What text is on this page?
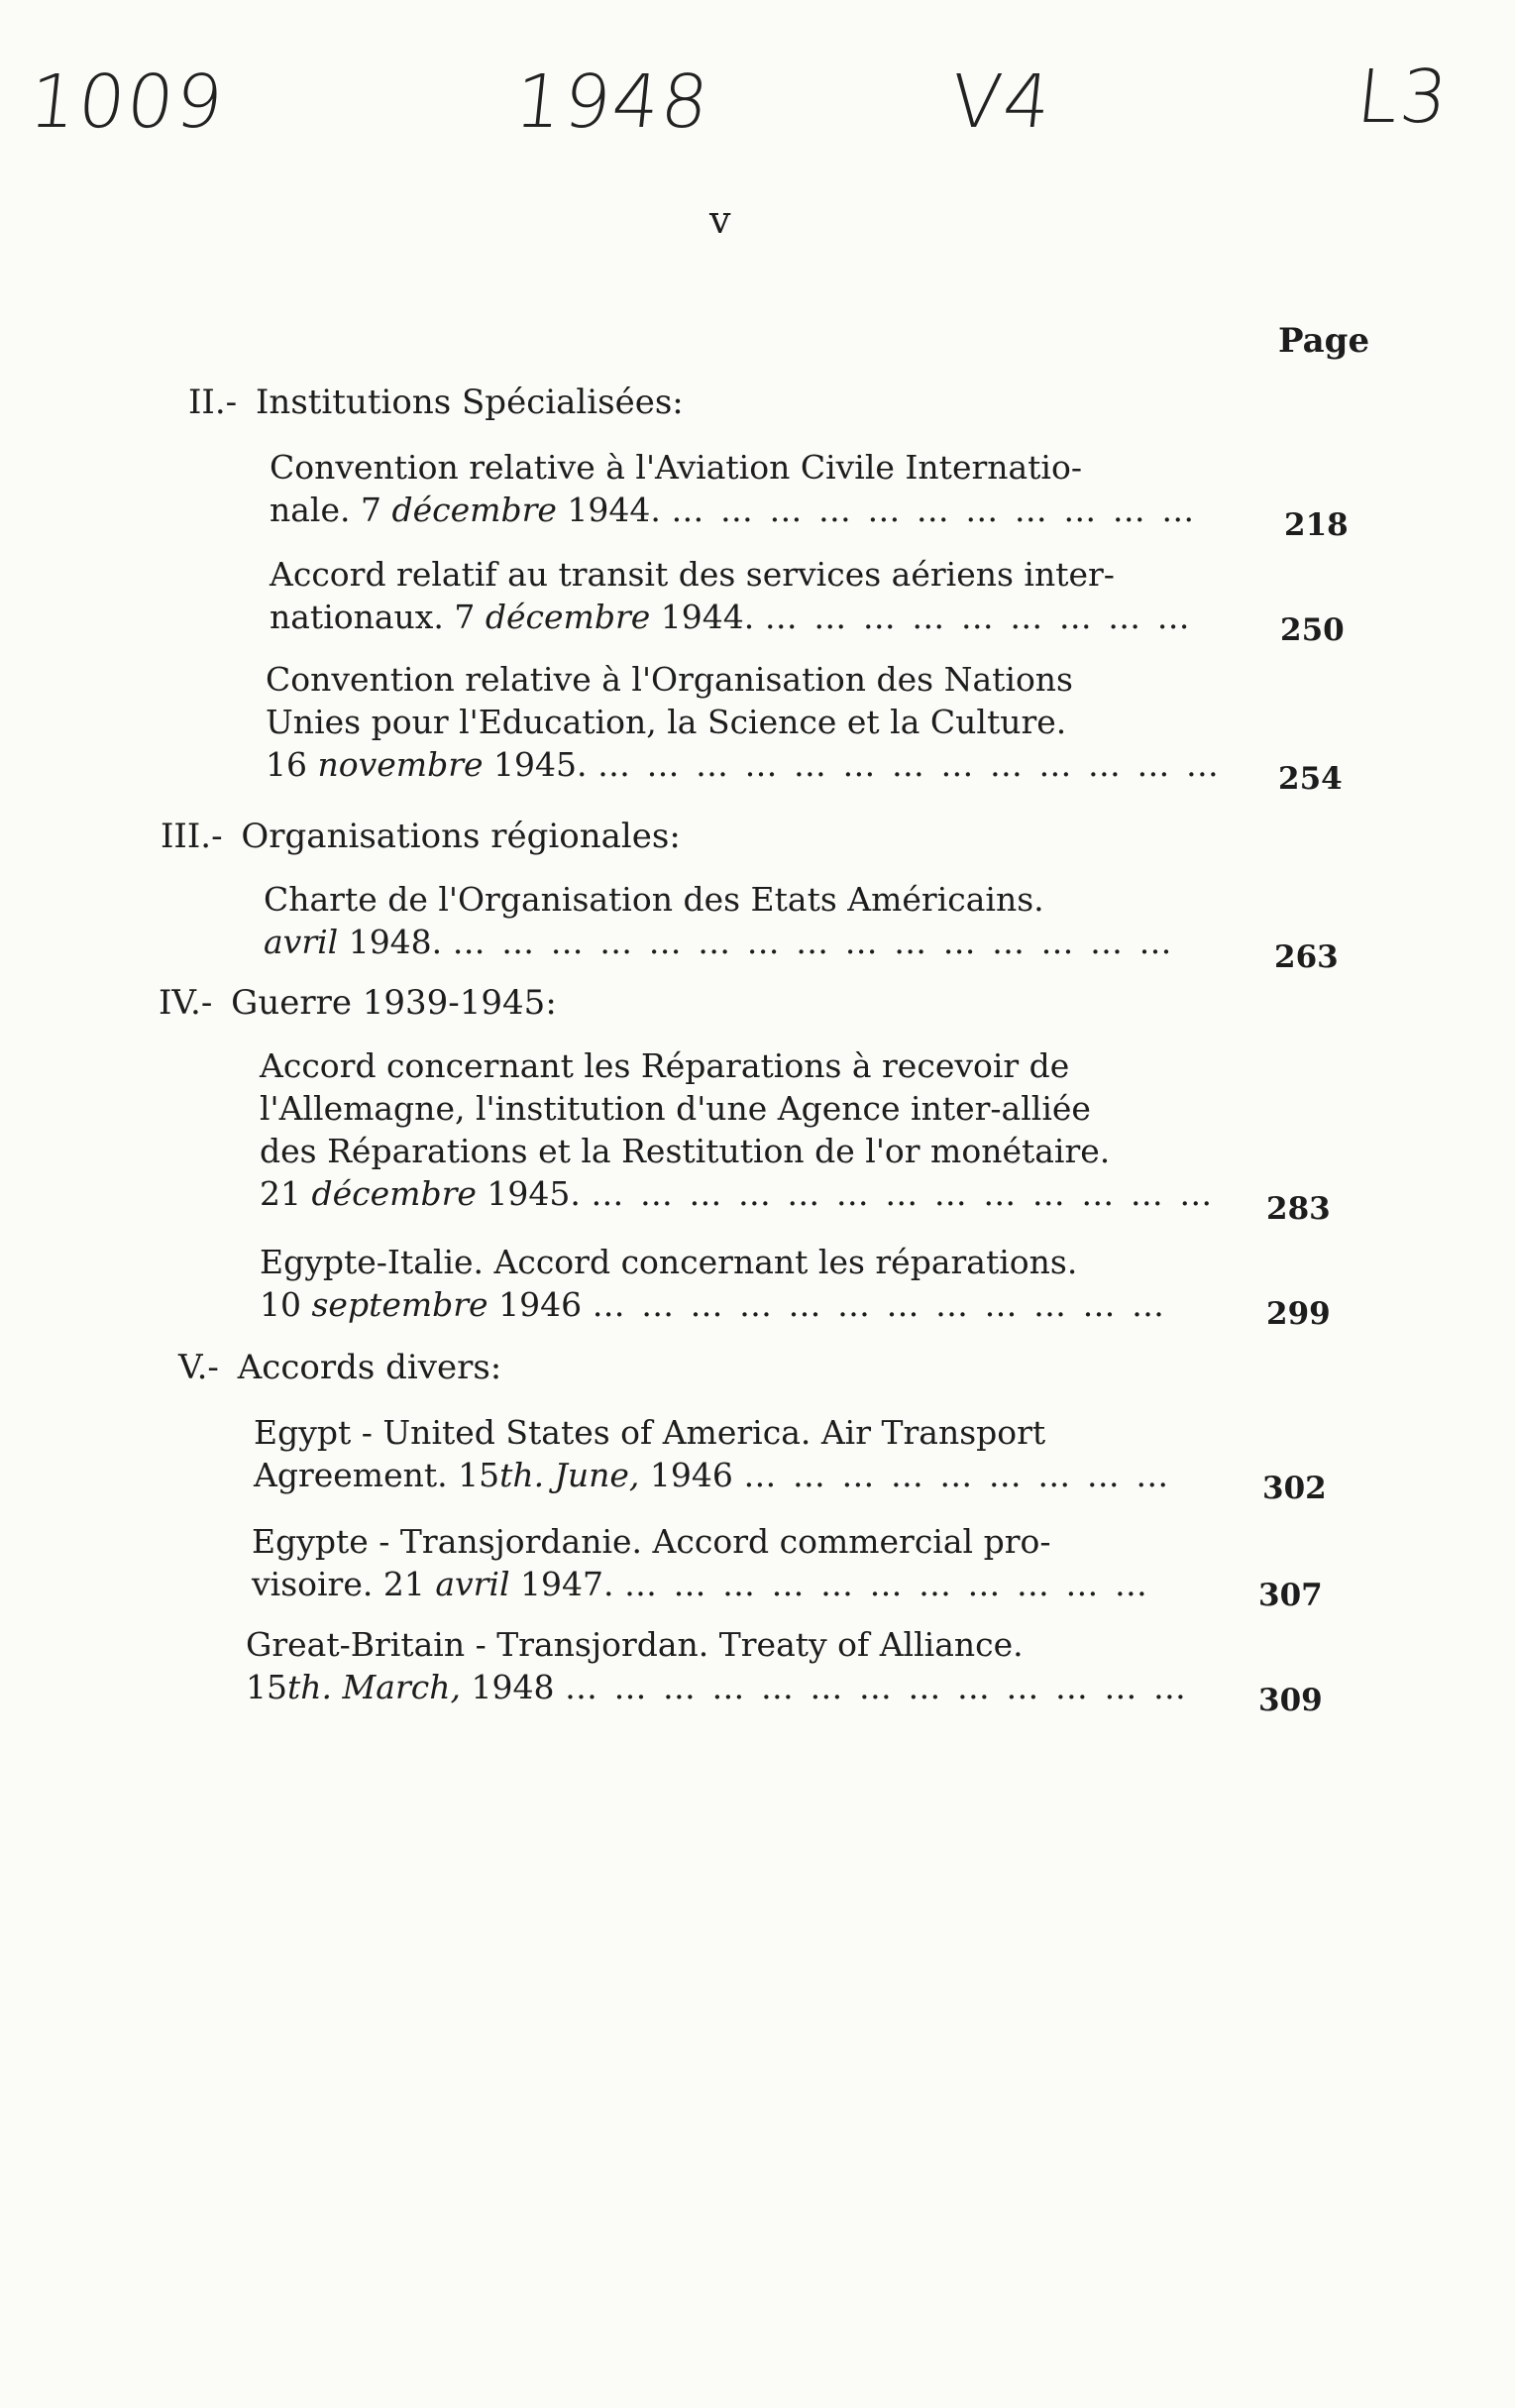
1009	1948	V4	L3
v
Page
II.- Institutions Spécialisées:
Convention relative à l'Aviation Civile Internatio-
nale. 7 décembre 1944. … … … … … … … … … … …	218
Accord relatif au transit des services aériens inter-
nationaux. 7 décembre 1944. … … … … … … … … …	250
Convention relative à l'Organisation des Nations
Unies pour l'Education, la Science et la Culture.
16 novembre 1945. … … … … … … … … … … … … … 254
III.- Organisations régionales:
Charte de l'Organisation des Etats Américains.
avril 1948. … … … … … … … … … … … … … … …	263
IV.- Guerre 1939-1945:
Accord concernant les Réparations à recevoir de
l'Allemagne, l'institution d'une Agence inter-alliée
des Réparations et la Restitution de l'or monétaire.
21 décembre 1945. … … … … … … … … … … … … … 283
Egypte-Italie. Accord concernant les réparations.
10 septembre 1946 … … … … … … … … … … … …	299
V.- Accords divers:
Egypt - United States of America. Air Transport
Agreement. 15th. June, 1946 … … … … … … … … …	302
Egypte - Transjordanie. Accord commercial pro-
visoire. 21 avril 1947. … … … … … … … … … … …	307
Great-Britain - Transjordan. Treaty of Alliance.
15th. March, 1948 … … … … … … … … … … … … … 309
